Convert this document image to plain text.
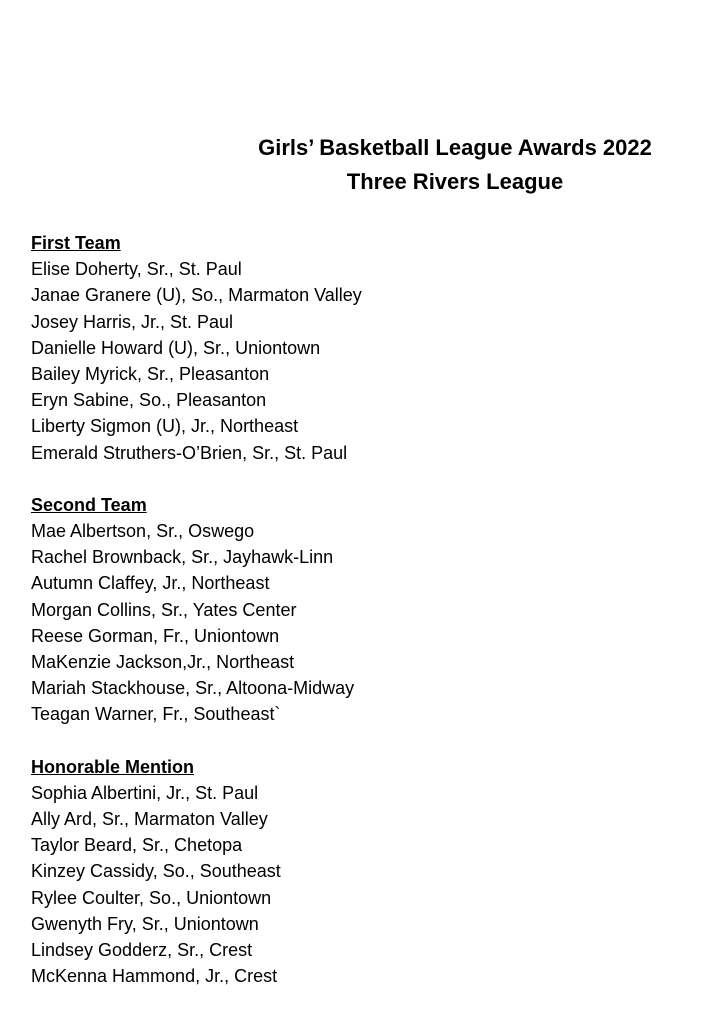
Girls’ Basketball League Awards 2022
Three Rivers League
First Team
Elise Doherty, Sr., St. Paul
Janae Granere (U), So., Marmaton Valley
Josey Harris, Jr., St. Paul
Danielle Howard (U), Sr., Uniontown
Bailey Myrick, Sr., Pleasanton
Eryn Sabine, So., Pleasanton
Liberty Sigmon (U), Jr., Northeast
Emerald Struthers-O’Brien, Sr., St. Paul
Second Team
Mae Albertson, Sr., Oswego
Rachel Brownback, Sr., Jayhawk-Linn
Autumn Claffey, Jr., Northeast
Morgan Collins, Sr., Yates Center
Reese Gorman, Fr., Uniontown
MaKenzie Jackson,Jr., Northeast
Mariah Stackhouse, Sr., Altoona-Midway
Teagan Warner, Fr., Southeast`
Honorable Mention
Sophia Albertini, Jr., St. Paul
Ally Ard, Sr., Marmaton Valley
Taylor Beard, Sr., Chetopa
Kinzey Cassidy, So., Southeast
Rylee Coulter, So., Uniontown
Gwenyth Fry, Sr., Uniontown
Lindsey Godderz, Sr., Crest
McKenna Hammond, Jr., Crest
